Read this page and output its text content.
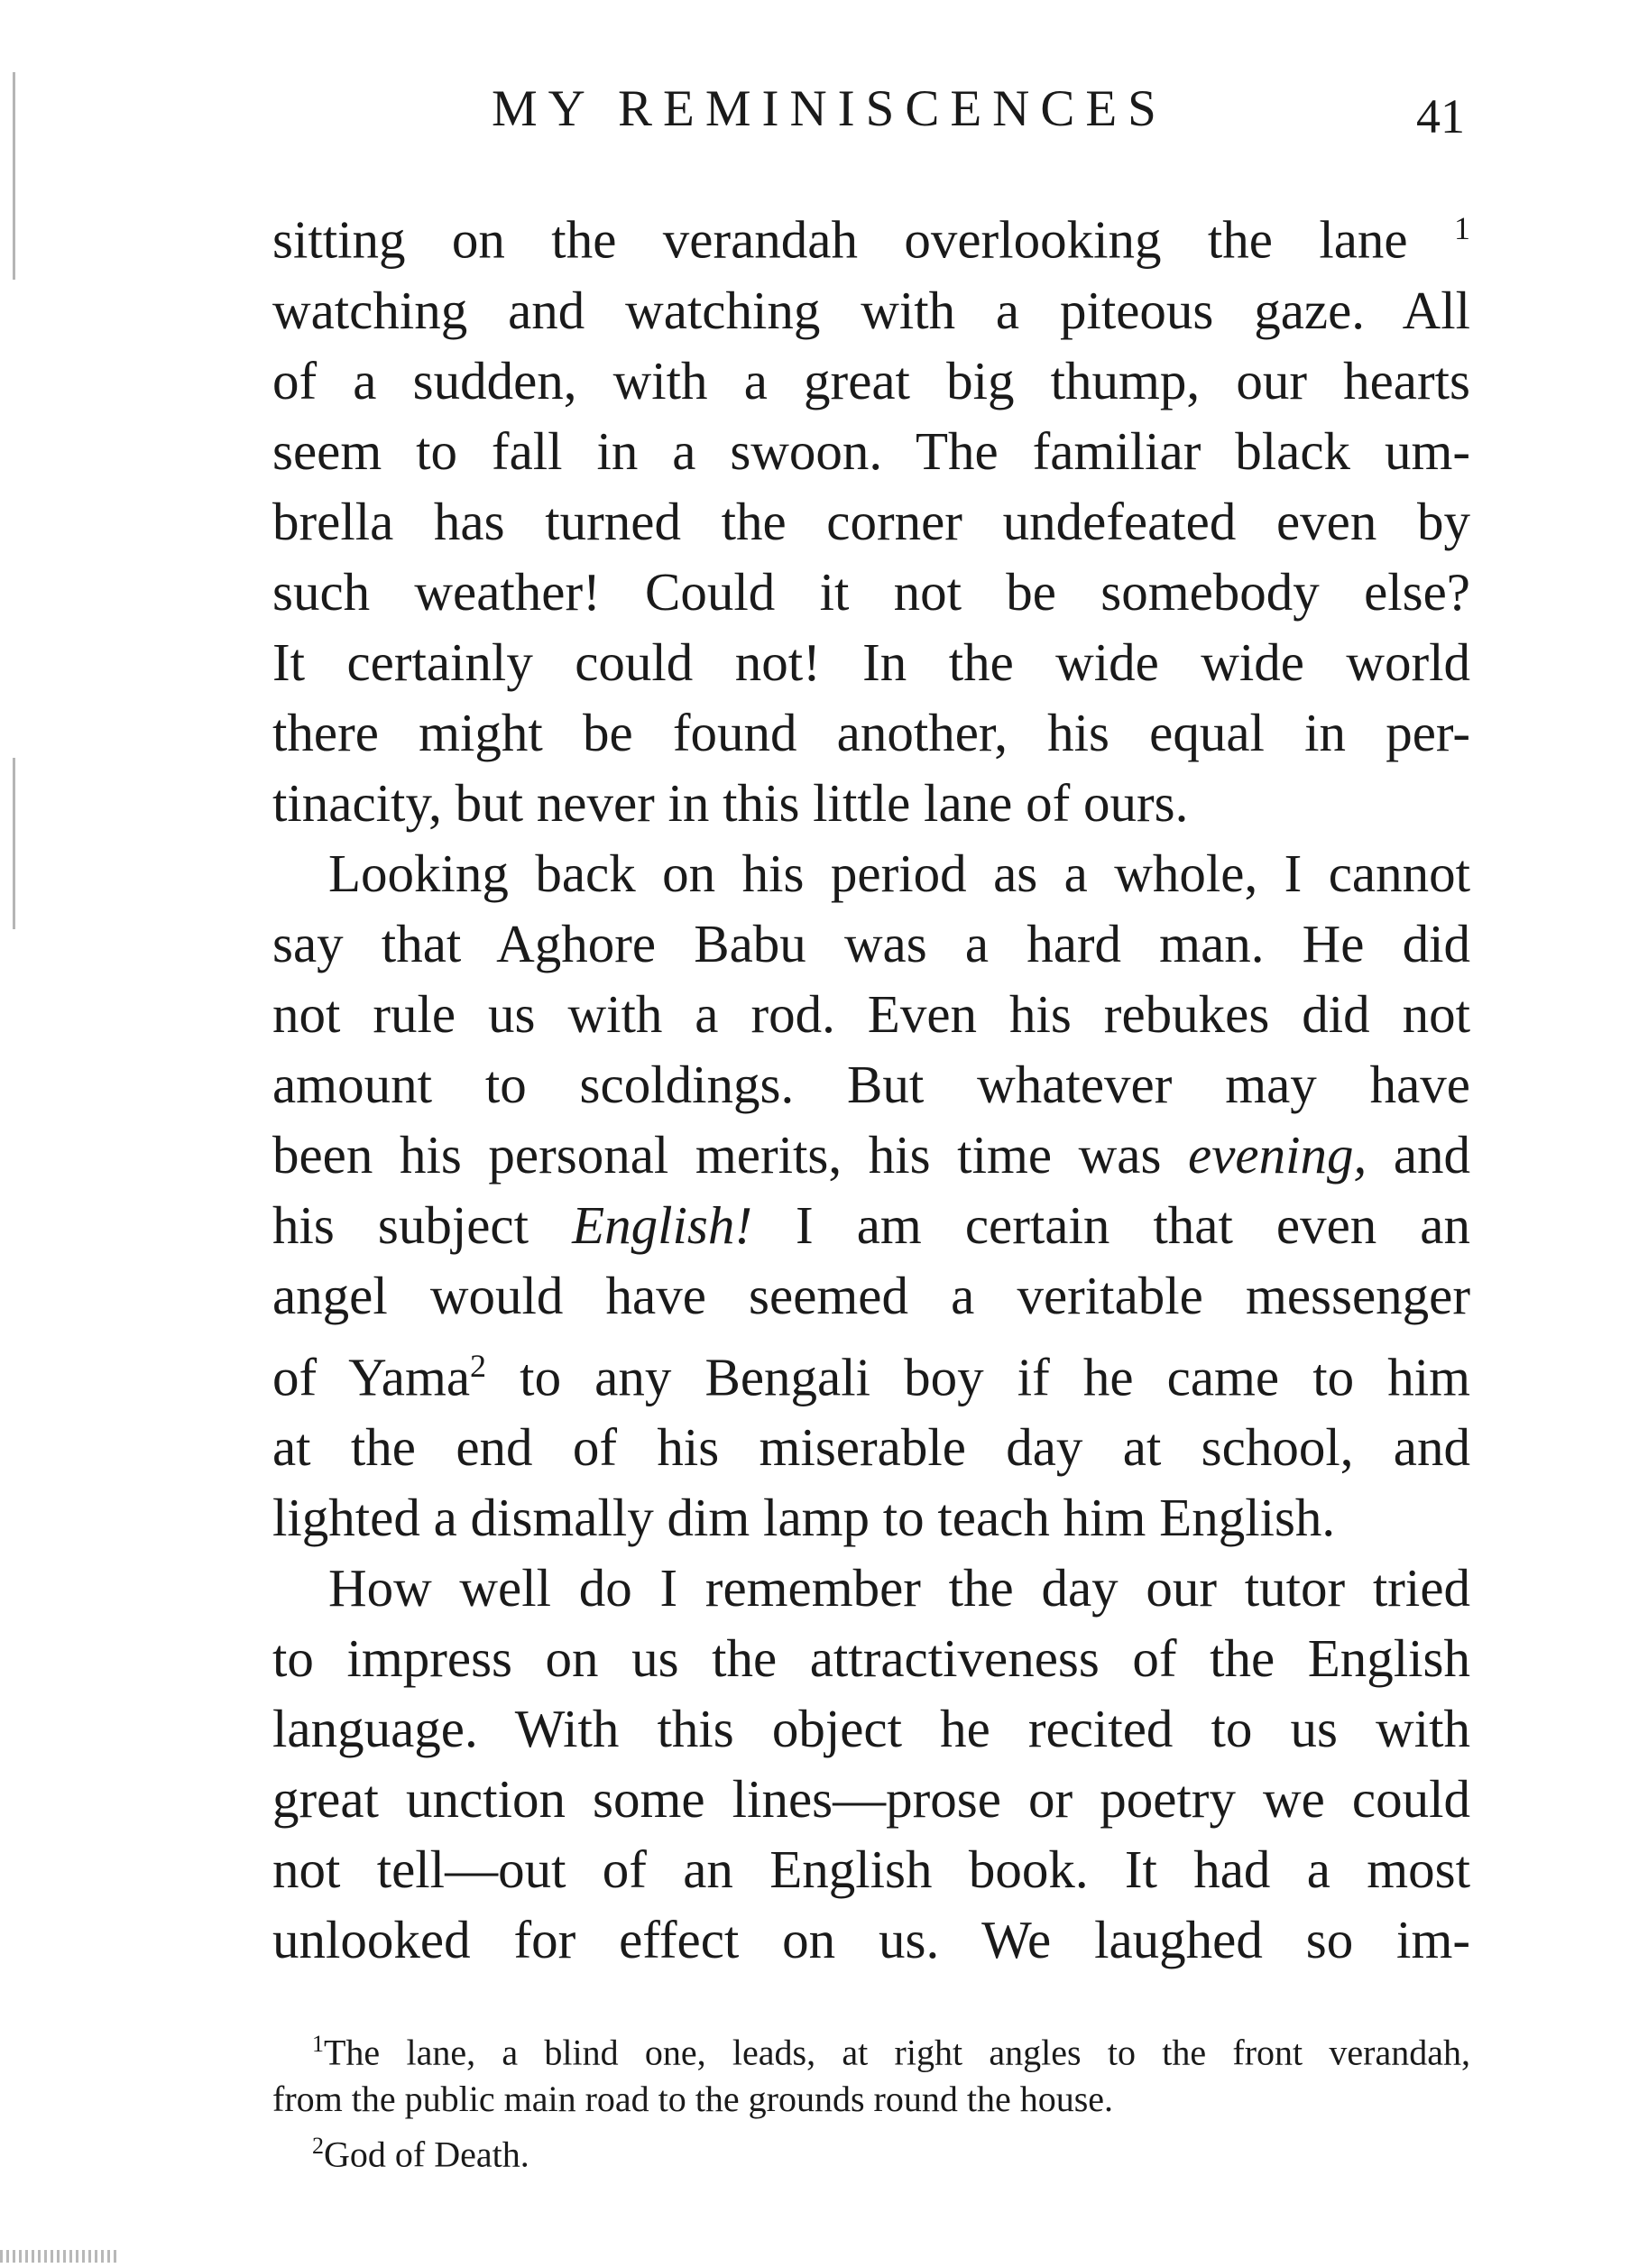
MY REMINISCENCES	41
sitting on the verandah overlooking the lane $^1$
watching and watching with a piteous gaze. All
of a sudden, with a great big thump, our hearts
seem to fall in a swoon. The familiar black um-
brella has turned the corner undefeated even by
such weather! Could it not be somebody else?
It certainly could not! In the wide wide world
there might be found another, his equal in per-
tinacity, but never in this little lane of ours.
Looking back on his period as a whole, I cannot
say that Aghore Babu was a hard man. He did
not rule us with a rod. Even his rebukes did not
amount to scoldings. But whatever may have
been his personal merits, his time was evening, and
his subject English! I am certain that even an
angel would have seemed a veritable messenger
of Yama$^2$ to any Bengali boy if he came to him
at the end of his miserable day at school, and
lighted a dismally dim lamp to teach him English.
How well do I remember the day our tutor tried
to impress on us the attractiveness of the English
language. With this object he recited to us with
great unction some lines—prose or poetry we could
not tell—out of an English book. It had a most
unlooked for effect on us. We laughed so im-
$^1$The lane, a blind one, leads, at right angles to the front verandah,
from the public main road to the grounds round the house.
$^2$God of Death.
